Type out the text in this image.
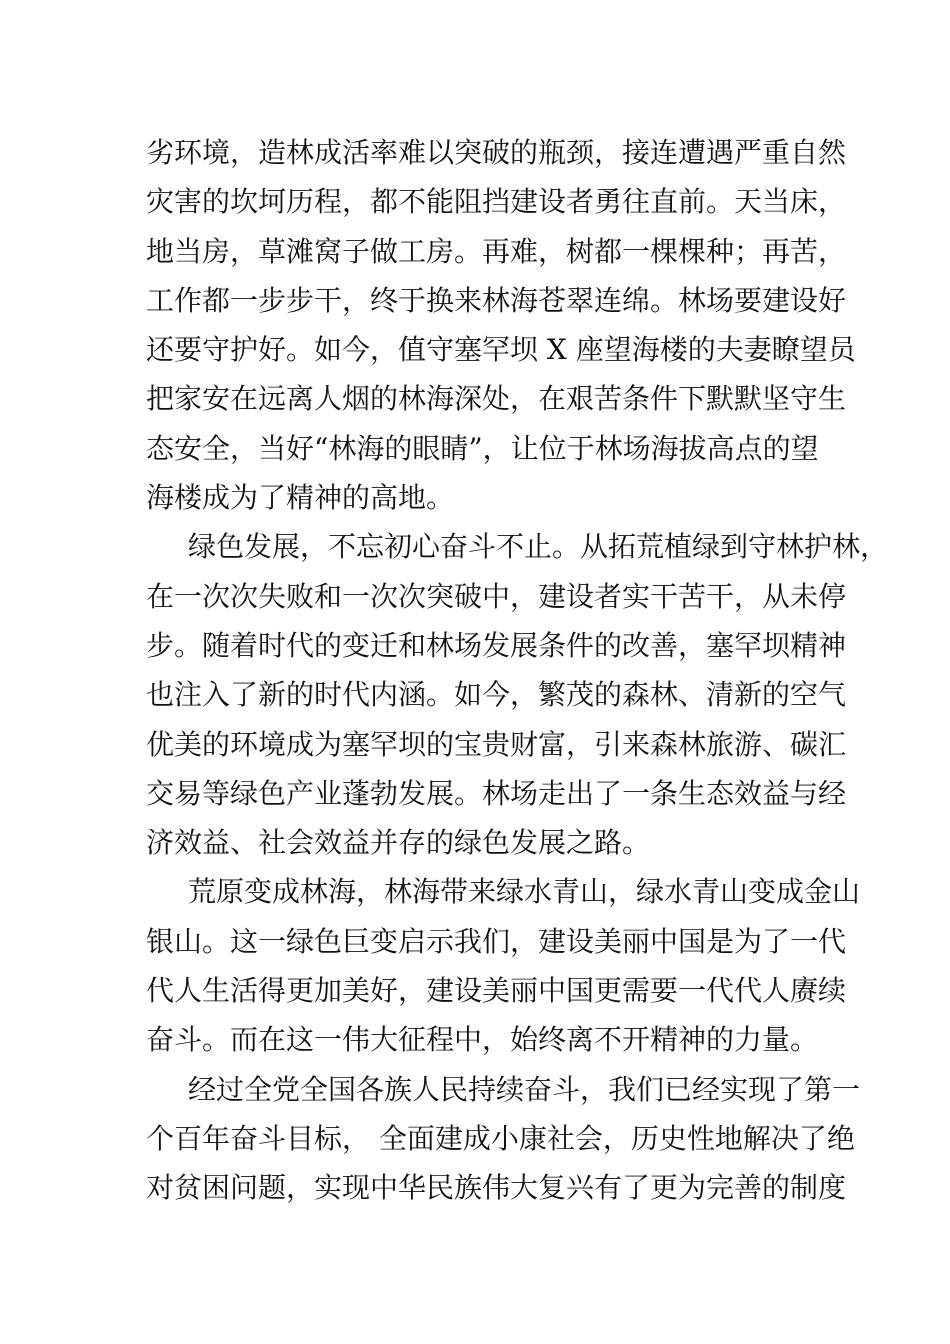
劣环境，造林成活率难以突破的瓶颈，接连遭遇严重自然
灾害的坎坷历程，都不能阻挡建设者勇往直前。天当床，
地当房，草滩窝子做工房。再难，树都一棵棵种；再苦，
工作都一步步干，终于换来林海苍翠连绵。林场要建设好
还要守护好。如今，值守塞罕坝 X 座望海楼的夫妻瞭望员
把家安在远离人烟的林海深处，在艰苦条件下默默坚守生
态安全，当好“林海的眼睛”，让位于林场海拔高点的望
海楼成为了精神的高地。
绿色发展，不忘初心奋斗不止。从拓荒植绿到守林护林，
在一次次失败和一次次突破中，建设者实干苦干，从未停
步。随着时代的变迁和林场发展条件的改善，塞罕坝精神
也注入了新的时代内涵。如今，繁茂的森林、清新的空气
优美的环境成为塞罕坝的宝贵财富，引来森林旅游、碳汇
交易等绿色产业蓬勃发展。林场走出了一条生态效益与经
济效益、社会效益并存的绿色发展之路。
荒原变成林海，林海带来绿水青山，绿水青山变成金山
银山。这一绿色巨变启示我们，建设美丽中国是为了一代
代人生活得更加美好，建设美丽中国更需要一代代人赓续
奋斗。而在这一伟大征程中，始终离不开精神的力量。
经过全党全国各族人民持续奋斗，我们已经实现了第一
个百年奋斗目标， 全面建成小康社会，历史性地解决了绝
对贫困问题，实现中华民族伟大复兴有了更为完善的制度
